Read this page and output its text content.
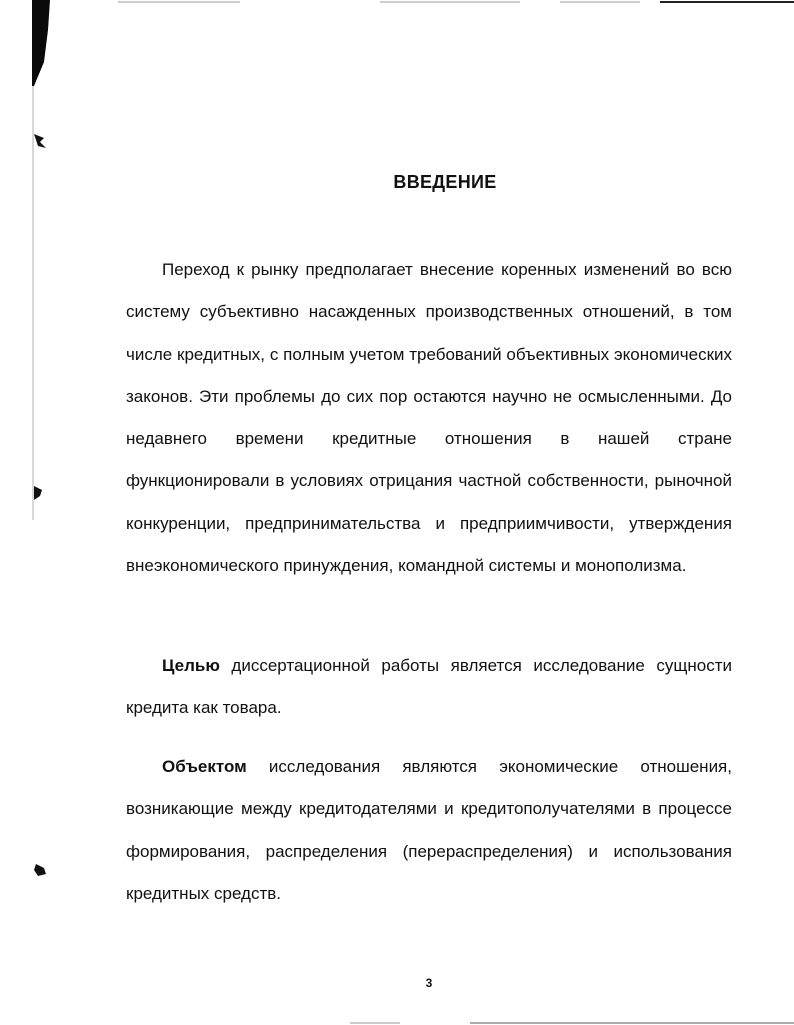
ВВЕДЕНИЕ

Переход к рынку предполагает внесение коренных изменений во всю систему субъективно насажденных производственных отношений, в том числе кредитных, с полным учетом требований объективных экономических законов. Эти проблемы до сих пор остаются научно не осмысленными. До недавнего времени кредитные отношения в нашей стране функционировали в условиях отрицания частной собственности, рыночной конкуренции, предпринимательства и предприимчивости, утверждения внеэкономического принуждения, командной системы и монополизма.

Целью диссертационной работы является исследование сущности кредита как товара.

Объектом исследования являются экономические отношения, возникающие между кредитодателями и кредитополучателями в процессе формирования, распределения (перераспределения) и использования кредитных средств.

3
